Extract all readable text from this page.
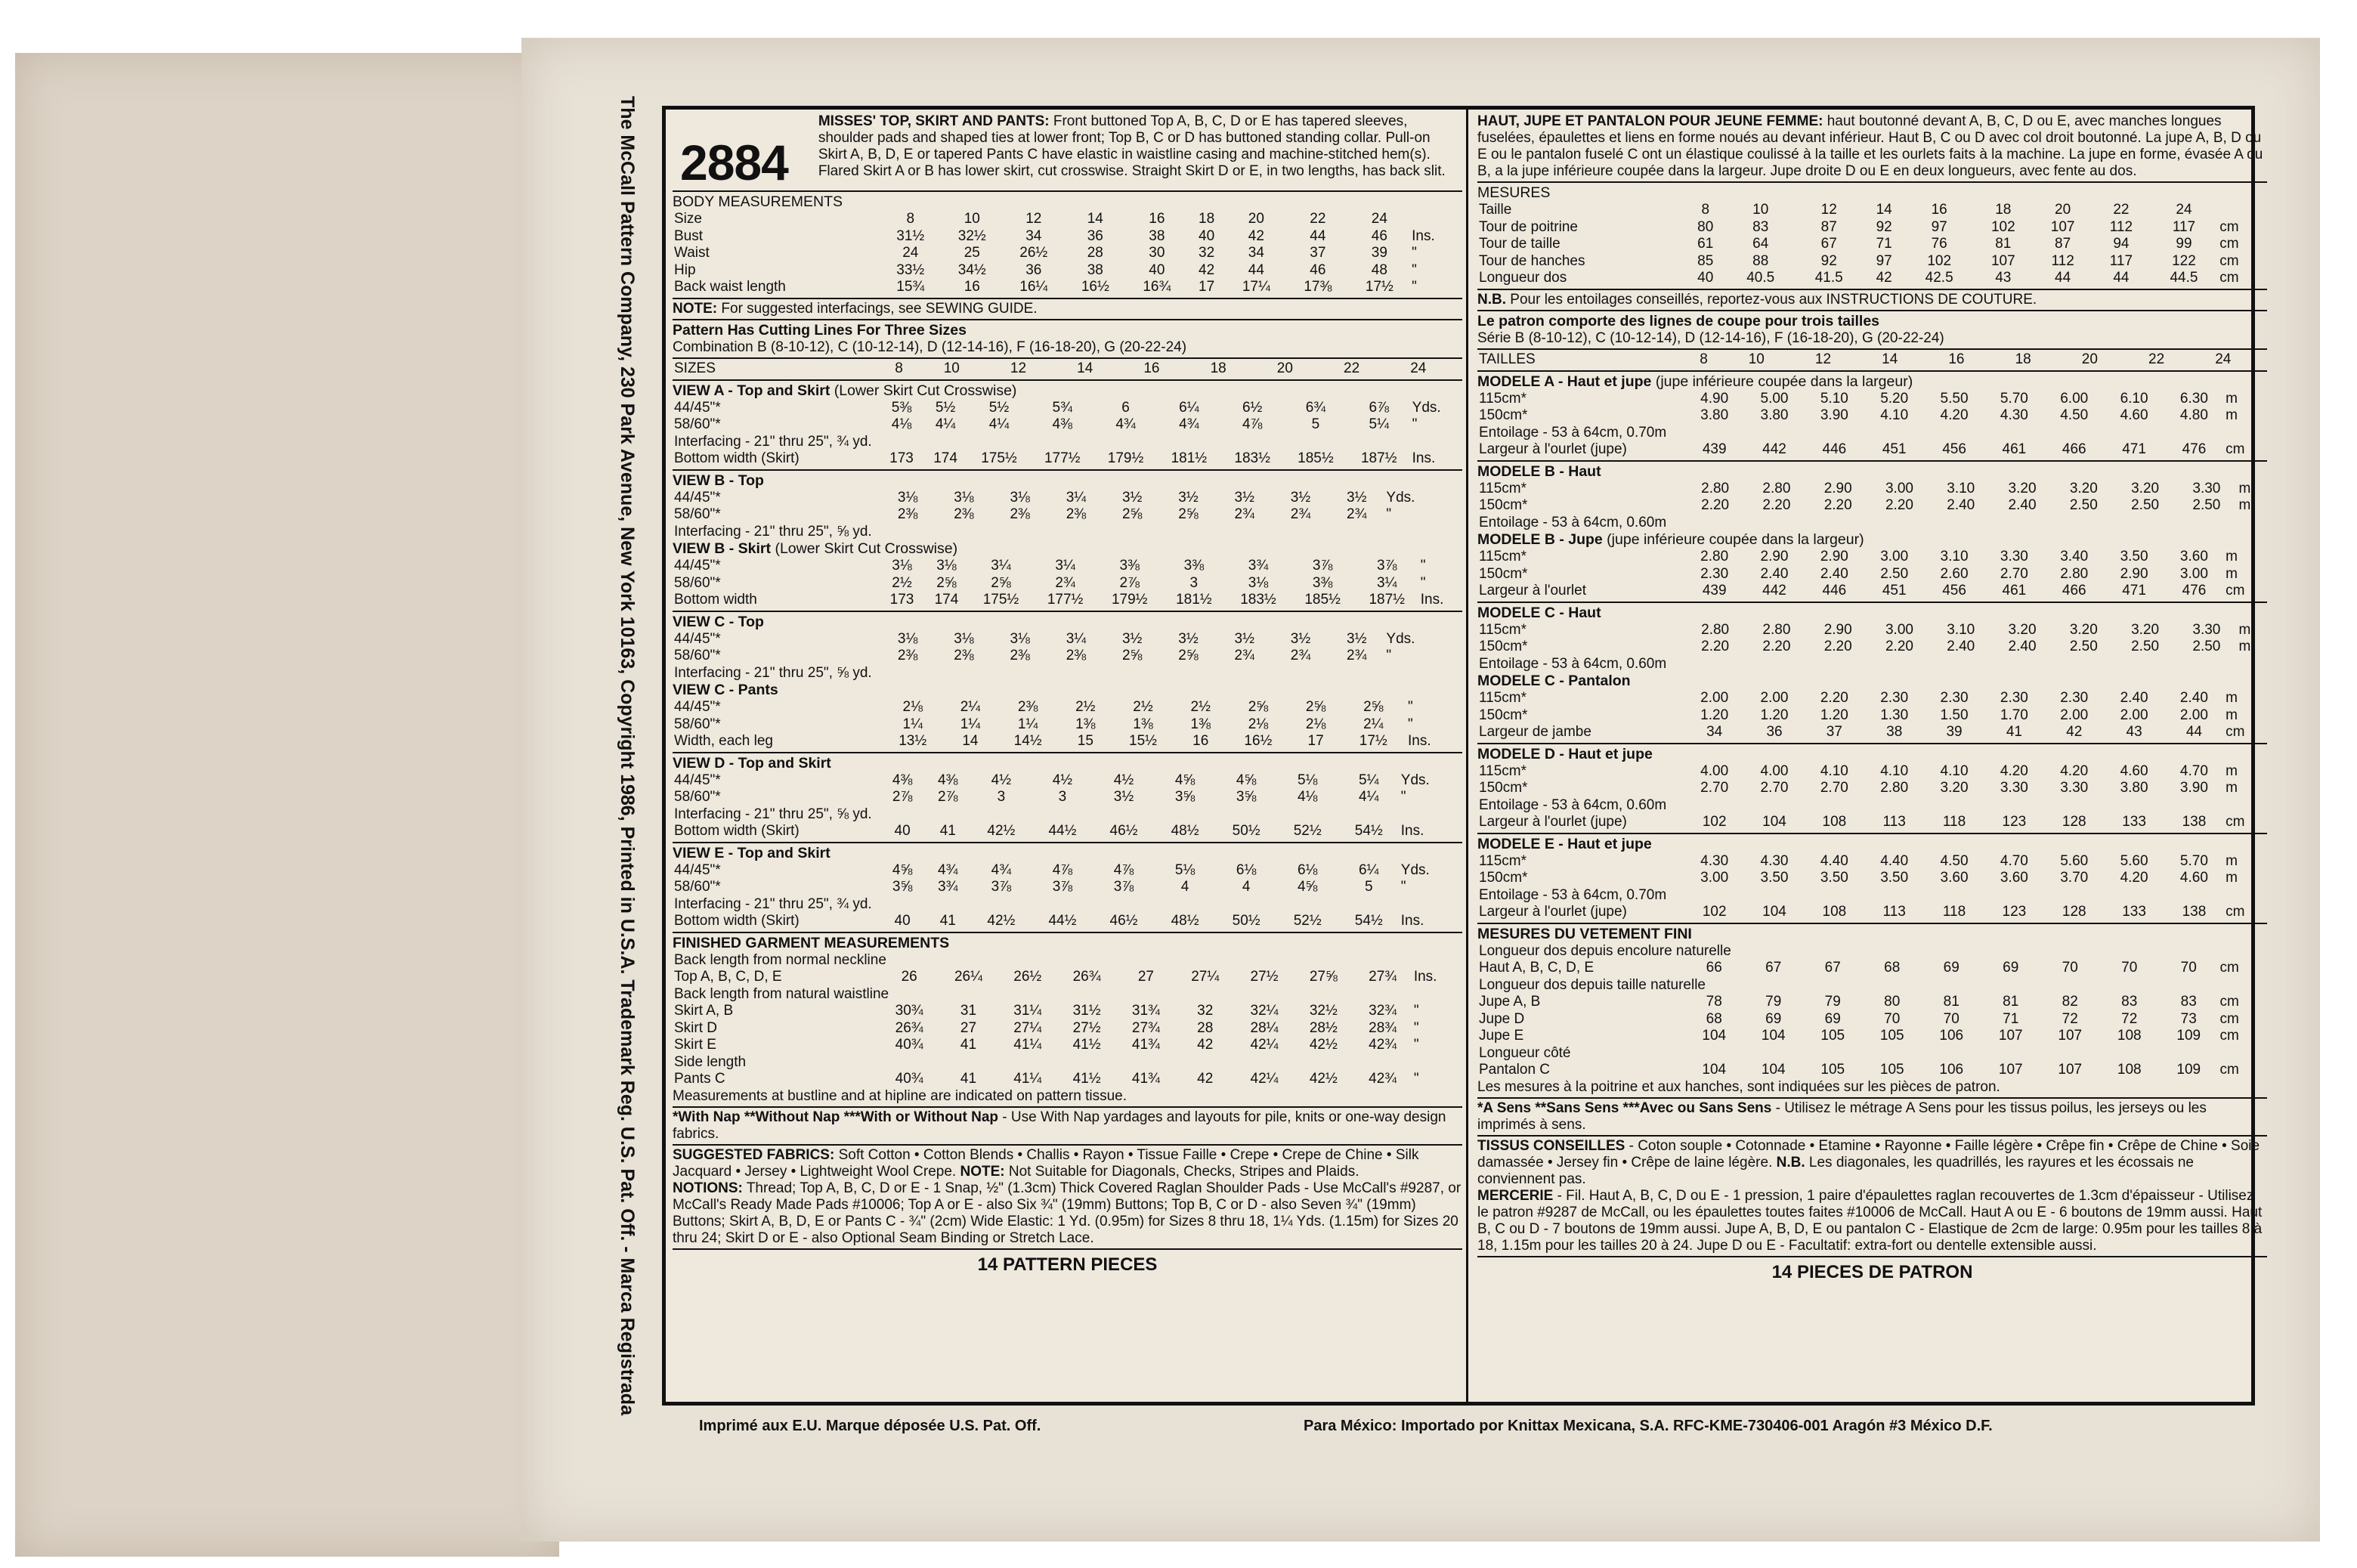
The McCall Pattern Company, 230 Park Avenue, New York 10163, Copyright 1986, Printed in U.S.A. Trademark Reg. U.S. Pat. Off. - Marca Registrada 2884
MISSES' TOP, SKIRT AND PANTS: Front buttoned Top A, B, C, D or E has tapered sleeves, shoulder pads and shaped ties at lower front; Top B, C or D has buttoned standing collar. Pull-on Skirt A, B, D, E or tapered Pants C have elastic in waistline casing and machine-stitched hem(s). Flared Skirt A or B has lower skirt, cut crosswise. Straight Skirt D or E, in two lengths, has back slit.
BODY MEASUREMENTS
Size	8	10	12	14	16	18	20	22	24	
Bust	31½	32½	34	36	38	40	42	44	46	Ins.
Waist	24	25	26½	28	30	32	34	37	39	"
Hip	33½	34½	36	38	40	42	44	46	48	"
Back waist length	15¾	16	16¼	16½	16¾	17	17¼	17⅜	17½	"
NOTE: For suggested interfacings, see SEWING GUIDE.
Pattern Has Cutting Lines For Three Sizes
Combination B (8-10-12), C (10-12-14), D (12-14-16), F (16-18-20), G (20-22-24)
SIZES	8	10	12	14	16	18	20	22	24	
VIEW A - Top and Skirt (Lower Skirt Cut Crosswise)
44/45"*	5⅜	5½	5½	5¾	6	6¼	6½	6¾	6⅞	Yds.
58/60"*	4⅛	4¼	4¼	4⅜	4¾	4¾	4⅞	5	5¼	"
Interfacing - 21" thru 25", ¾ yd.										
Bottom width (Skirt)	173	174	175½	177½	179½	181½	183½	185½	187½	Ins.
VIEW B - Top
44/45"*	3⅛	3⅛	3⅛	3¼	3½	3½	3½	3½	3½	Yds.
58/60"*	2⅜	2⅜	2⅜	2⅜	2⅝	2⅝	2¾	2¾	2¾	"
Interfacing - 21" thru 25", ⅝ yd.										
VIEW B - Skirt (Lower Skirt Cut Crosswise)
44/45"*	3⅛	3⅛	3¼	3¼	3⅜	3⅜	3¾	3⅞	3⅞	"
58/60"*	2½	2⅝	2⅝	2¾	2⅞	3	3⅛	3⅜	3¼	"
Bottom width	173	174	175½	177½	179½	181½	183½	185½	187½	Ins.
VIEW C - Top
44/45"*	3⅛	3⅛	3⅛	3¼	3½	3½	3½	3½	3½	Yds.
58/60"*	2⅜	2⅜	2⅜	2⅜	2⅝	2⅝	2¾	2¾	2¾	"
Interfacing - 21" thru 25", ⅝ yd.										
VIEW C - Pants
44/45"*	2⅛	2¼	2⅜	2½	2½	2½	2⅝	2⅝	2⅝	"
58/60"*	1¼	1¼	1¼	1⅜	1⅜	1⅜	2⅛	2⅛	2¼	"
Width, each leg	13½	14	14½	15	15½	16	16½	17	17½	Ins.
VIEW D - Top and Skirt
44/45"*	4⅜	4⅜	4½	4½	4½	4⅝	4⅝	5⅛	5¼	Yds.
58/60"*	2⅞	2⅞	3	3	3½	3⅝	3⅝	4⅛	4¼	"
Interfacing - 21" thru 25", ⅝ yd.										
Bottom width (Skirt)	40	41	42½	44½	46½	48½	50½	52½	54½	Ins.
VIEW E - Top and Skirt
44/45"*	4⅝	4¾	4¾	4⅞	4⅞	5⅛	6⅛	6⅛	6¼	Yds.
58/60"*	3⅝	3¾	3⅞	3⅞	3⅞	4	4	4⅝	5	"
Interfacing - 21" thru 25", ¾ yd.										
Bottom width (Skirt)	40	41	42½	44½	46½	48½	50½	52½	54½	Ins.
FINISHED GARMENT MEASUREMENTS
Back length from normal neckline										
Top A, B, C, D, E	26	26¼	26½	26¾	27	27¼	27½	27⅝	27¾	Ins.
Back length from natural waistline										
Skirt A, B	30¾	31	31¼	31½	31¾	32	32¼	32½	32¾	"
Skirt D	26¾	27	27¼	27½	27¾	28	28¼	28½	28¾	"
Skirt E	40¾	41	41¼	41½	41¾	42	42¼	42½	42¾	"
Side length										
Pants C	40¾	41	41¼	41½	41¾	42	42¼	42½	42¾	"
Measurements at bustline and at hipline are indicated on pattern tissue.
*With Nap **Without Nap ***With or Without Nap - Use With Nap yardages and layouts for pile, knits or one-way design fabrics.
SUGGESTED FABRICS: Soft Cotton • Cotton Blends • Challis • Rayon • Tissue Faille • Crepe • Crepe de Chine • Silk Jacquard • Jersey • Lightweight Wool Crepe. NOTE: Not Suitable for Diagonals, Checks, Stripes and Plaids.
NOTIONS: Thread; Top A, B, C, D or E - 1 Snap, ½" (1.3cm) Thick Covered Raglan Shoulder Pads - Use McCall's #9287, or McCall's Ready Made Pads #10006; Top A or E - also Six ¾" (19mm) Buttons; Top B, C or D - also Seven ¾" (19mm) Buttons; Skirt A, B, D, E or Pants C - ¾" (2cm) Wide Elastic: 1 Yd. (0.95m) for Sizes 8 thru 18, 1¼ Yds. (1.15m) for Sizes 20 thru 24; Skirt D or E - also Optional Seam Binding or Stretch Lace.
14 PATTERN PIECES
HAUT, JUPE ET PANTALON POUR JEUNE FEMME: haut boutonné devant A, B, C, D ou E, avec manches longues fuselées, épaulettes et liens en forme noués au devant inférieur. Haut B, C ou D avec col droit boutonné. La jupe A, B, D ou E ou le pantalon fuselé C ont un élastique coulissé à la taille et les ourlets faits à la machine. La jupe en forme, évasée A ou B, a la jupe inférieure coupée dans la largeur. Jupe droite D ou E en deux longueurs, avec fente au dos.
MESURES
Taille	8	10	12	14	16	18	20	22	24	
Tour de poitrine	80	83	87	92	97	102	107	112	117	cm
Tour de taille	61	64	67	71	76	81	87	94	99	cm
Tour de hanches	85	88	92	97	102	107	112	117	122	cm
Longueur dos	40	40.5	41.5	42	42.5	43	44	44	44.5	cm
N.B. Pour les entoilages conseillés, reportez-vous aux INSTRUCTIONS DE COUTURE.
Le patron comporte des lignes de coupe pour trois tailles
Série B (8-10-12), C (10-12-14), D (12-14-16), F (16-18-20), G (20-22-24)
TAILLES	8	10	12	14	16	18	20	22	24	
MODELE A - Haut et jupe (jupe inférieure coupée dans la largeur)
115cm*	4.90	5.00	5.10	5.20	5.50	5.70	6.00	6.10	6.30	m
150cm*	3.80	3.80	3.90	4.10	4.20	4.30	4.50	4.60	4.80	m
Entoilage - 53 à 64cm, 0.70m										
Largeur à l'ourlet (jupe)	439	442	446	451	456	461	466	471	476	cm
MODELE B - Haut
115cm*	2.80	2.80	2.90	3.00	3.10	3.20	3.20	3.20	3.30	m
150cm*	2.20	2.20	2.20	2.20	2.40	2.40	2.50	2.50	2.50	m
Entoilage - 53 à 64cm, 0.60m										
MODELE B - Jupe (jupe inférieure coupée dans la largeur)
115cm*	2.80	2.90	2.90	3.00	3.10	3.30	3.40	3.50	3.60	m
150cm*	2.30	2.40	2.40	2.50	2.60	2.70	2.80	2.90	3.00	m
Largeur à l'ourlet	439	442	446	451	456	461	466	471	476	cm
MODELE C - Haut
115cm*	2.80	2.80	2.90	3.00	3.10	3.20	3.20	3.20	3.30	m
150cm*	2.20	2.20	2.20	2.20	2.40	2.40	2.50	2.50	2.50	m
Entoilage - 53 à 64cm, 0.60m										
MODELE C - Pantalon
115cm*	2.00	2.00	2.20	2.30	2.30	2.30	2.30	2.40	2.40	m
150cm*	1.20	1.20	1.20	1.30	1.50	1.70	2.00	2.00	2.00	m
Largeur de jambe	34	36	37	38	39	41	42	43	44	cm
MODELE D - Haut et jupe
115cm*	4.00	4.00	4.10	4.10	4.10	4.20	4.20	4.60	4.70	m
150cm*	2.70	2.70	2.70	2.80	3.20	3.30	3.30	3.80	3.90	m
Entoilage - 53 à 64cm, 0.60m										
Largeur à l'ourlet (jupe)	102	104	108	113	118	123	128	133	138	cm
MODELE E - Haut et jupe
115cm*	4.30	4.30	4.40	4.40	4.50	4.70	5.60	5.60	5.70	m
150cm*	3.00	3.50	3.50	3.50	3.60	3.60	3.70	4.20	4.60	m
Entoilage - 53 à 64cm, 0.70m										
Largeur à l'ourlet (jupe)	102	104	108	113	118	123	128	133	138	cm
MESURES DU VETEMENT FINI
Longueur dos depuis encolure naturelle										
Haut A, B, C, D, E	66	67	67	68	69	69	70	70	70	cm
Longueur dos depuis taille naturelle										
Jupe A, B	78	79	79	80	81	81	82	83	83	cm
Jupe D	68	69	69	70	70	71	72	72	73	cm
Jupe E	104	104	105	105	106	107	107	108	109	cm
Longueur côté										
Pantalon C	104	104	105	105	106	107	107	108	109	cm
Les mesures à la poitrine et aux hanches, sont indiquées sur les pièces de patron.
*A Sens **Sans Sens ***Avec ou Sans Sens - Utilisez le métrage A Sens pour les tissus poilus, les jerseys ou les imprimés à sens.
TISSUS CONSEILLES - Coton souple • Cotonnade • Etamine • Rayonne • Faille légère • Crêpe fin • Crêpe de Chine • Soie damassée • Jersey fin • Crêpe de laine légère. N.B. Les diagonales, les quadrillés, les rayures et les écossais ne conviennent pas.
MERCERIE - Fil. Haut A, B, C, D ou E - 1 pression, 1 paire d'épaulettes raglan recouvertes de 1.3cm d'épaisseur - Utilisez le patron #9287 de McCall, ou les épaulettes toutes faites #10006 de McCall. Haut A ou E - 6 boutons de 19mm aussi. Haut B, C ou D - 7 boutons de 19mm aussi. Jupe A, B, D, E ou pantalon C - Elastique de 2cm de large: 0.95m pour les tailles 8 à 18, 1.15m pour les tailles 20 à 24. Jupe D ou E - Facultatif: extra-fort ou dentelle extensible aussi.
14 PIECES DE PATRON
Imprimé aux E.U. Marque déposée U.S. Pat. Off.	Para México: Importado por Knittax Mexicana, S.A. RFC-KME-730406-001 Aragón #3 México D.F.
